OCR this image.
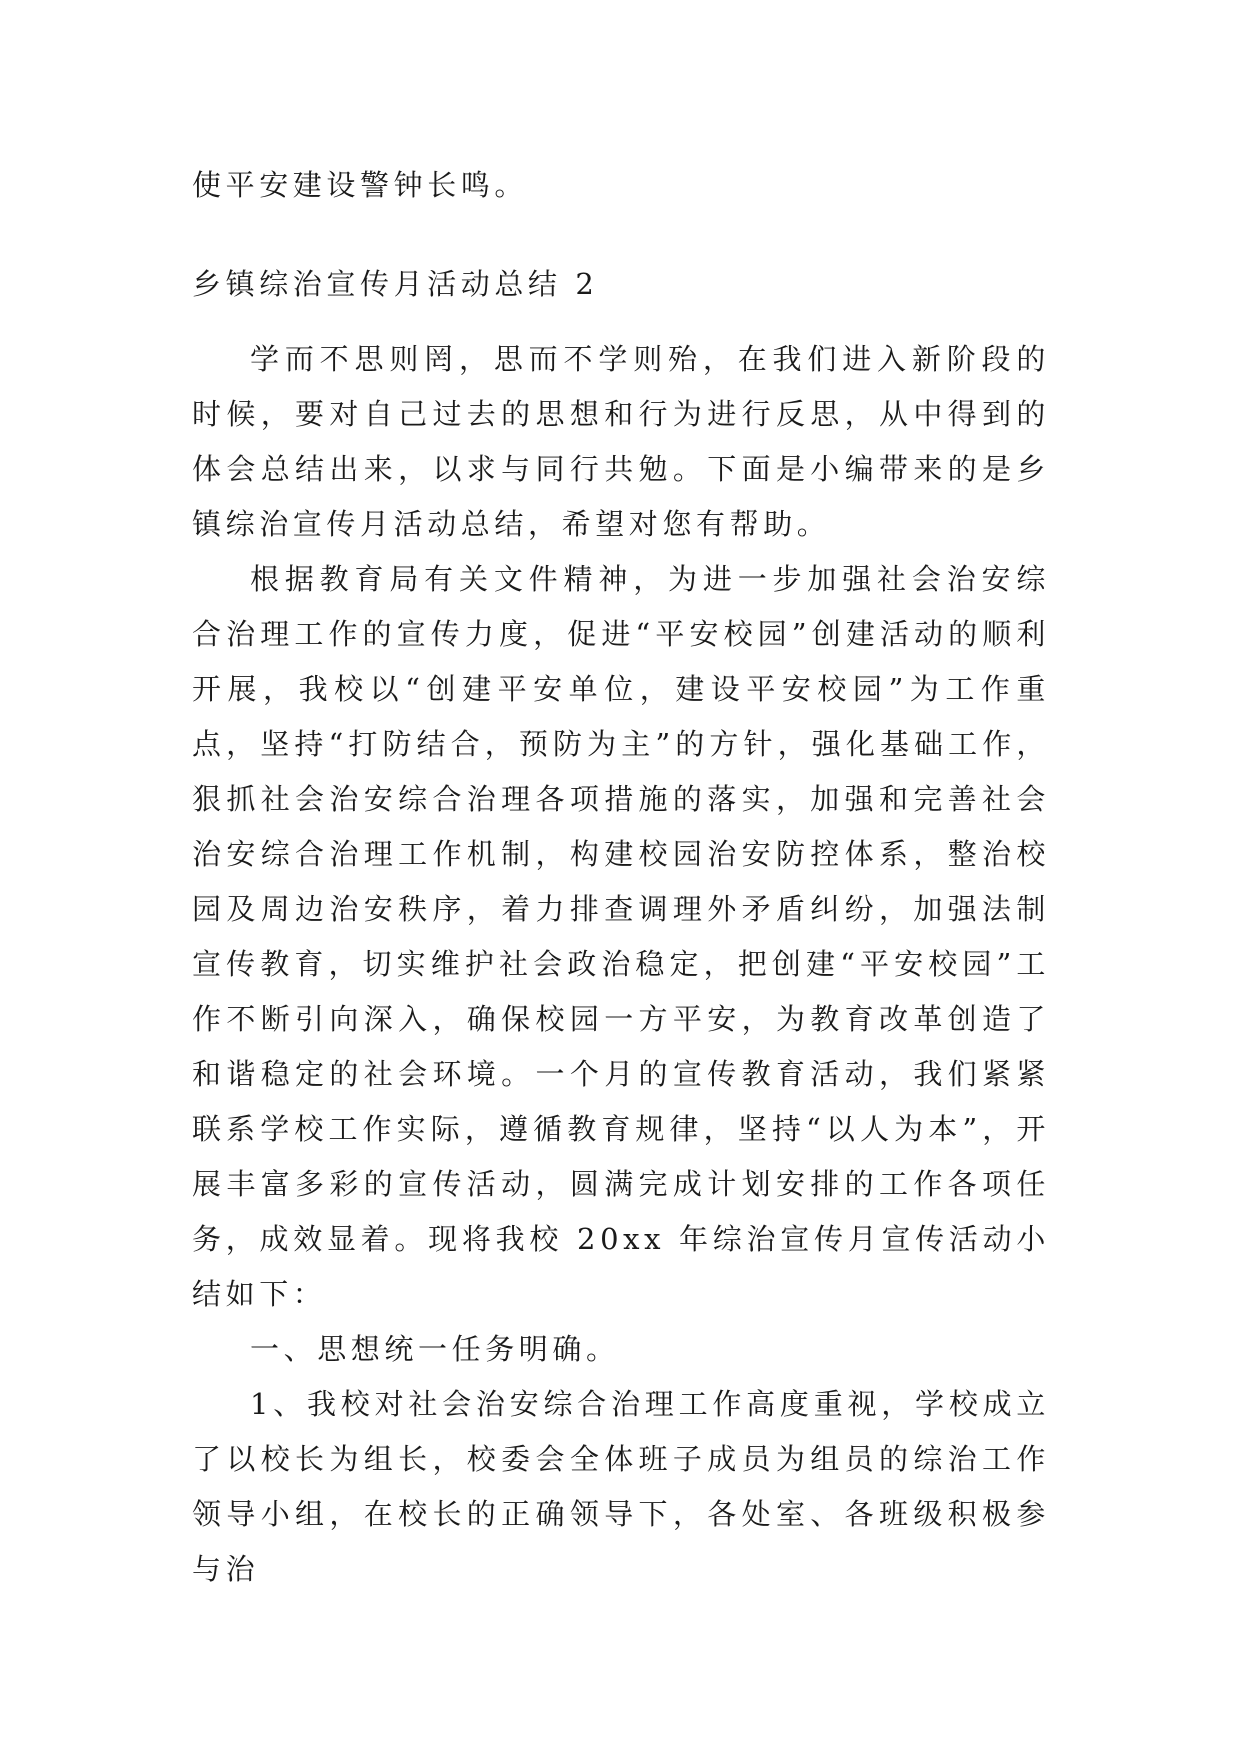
使平安建设警钟长鸣。

乡镇综治宣传月活动总结 2

学而不思则罔，思而不学则殆，在我们进入新阶段的时候，要对自己过去的思想和行为进行反思，从中得到的体会总结出来，以求与同行共勉。下面是小编带来的是乡镇综治宣传月活动总结，希望对您有帮助。

根据教育局有关文件精神，为进一步加强社会治安综合治理工作的宣传力度，促进“平安校园”创建活动的顺利开展，我校以“创建平安单位，建设平安校园”为工作重点，坚持“打防结合，预防为主”的方针，强化基础工作，狠抓社会治安综合治理各项措施的落实，加强和完善社会治安综合治理工作机制，构建校园治安防控体系，整治校园及周边治安秩序，着力排查调理外矛盾纠纷，加强法制宣传教育，切实维护社会政治稳定，把创建“平安校园”工作不断引向深入，确保校园一方平安，为教育改革创造了和谐稳定的社会环境。一个月的宣传教育活动，我们紧紧联系学校工作实际，遵循教育规律，坚持“以人为本”，开展丰富多彩的宣传活动，圆满完成计划安排的工作各项任务，成效显着。现将我校 20xx 年综治宣传月宣传活动小结如下：

一、思想统一任务明确。

1、我校对社会治安综合治理工作高度重视，学校成立了以校长为组长，校委会全体班子成员为组员的综治工作领导小组，在校长的正确领导下，各处室、各班级积极参与治
